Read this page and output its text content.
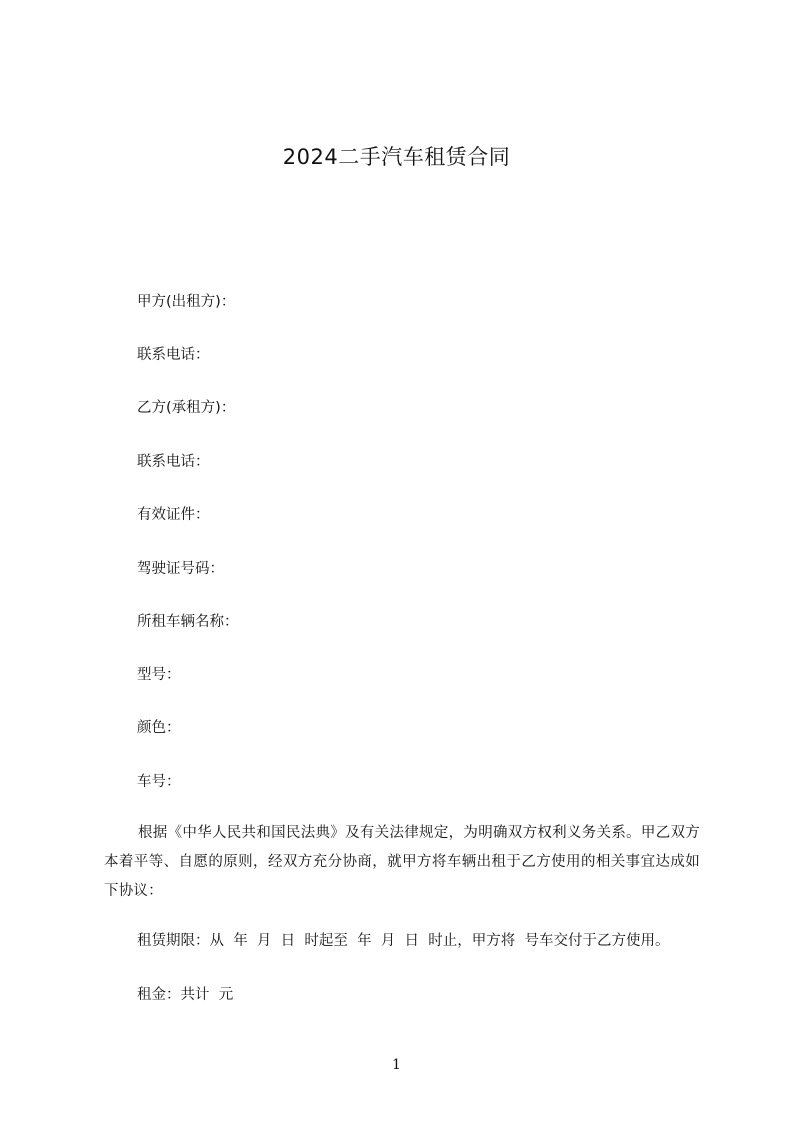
2024二手汽车租赁合同
甲方(出租方)：
联系电话：
乙方(承租方)：
联系电话：
有效证件：
驾驶证号码：
所租车辆名称：
型号：
颜色：
车号：
根据《中华人民共和国民法典》及有关法律规定，为明确双方权利义务关系。甲乙双方本着平等、自愿的原则，经双方充分协商，就甲方将车辆出租于乙方使用的相关事宜达成如下协议：
租赁期限：从  年  月  日  时起至  年  月  日  时止，甲方将  号车交付于乙方使用。
租金：共计  元
1
